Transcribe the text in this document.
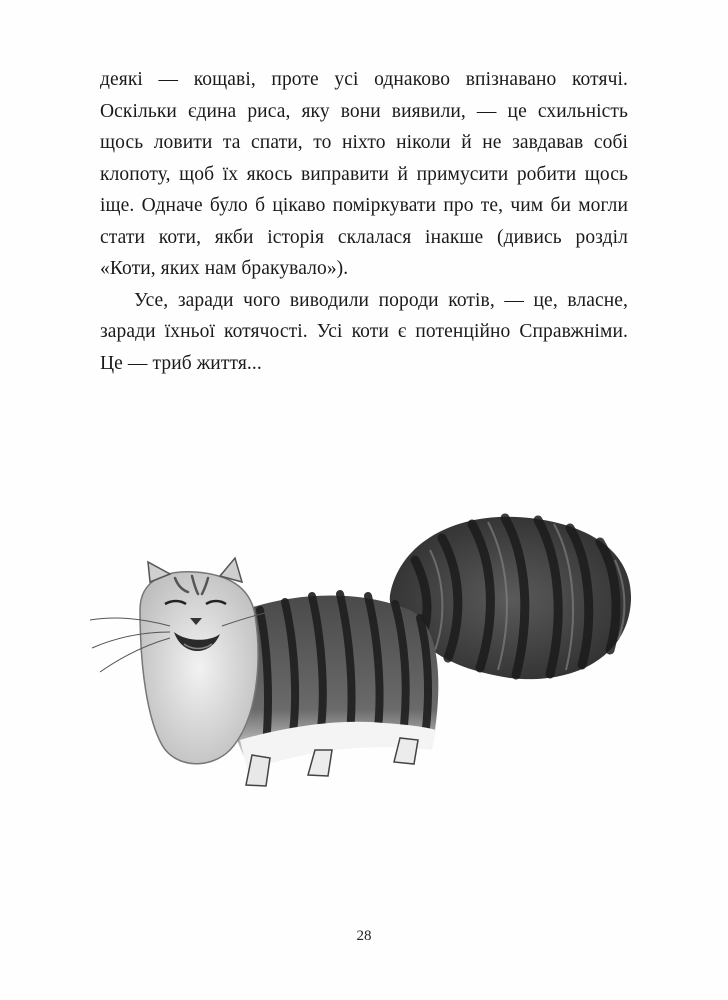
деякі — кощаві, проте усі однаково впізнавано котячі.
Оскільки єдина риса, яку вони виявили, — це схильність
щось ловити та спати, то ніхто ніколи й не завдавав собі
клопоту, щоб їх якось виправити й примусити робити щось
іще. Одначе було б цікаво поміркувати про те, чим би могли стати коти, якби історія склалася інакше (дивись розділ
«Коти, яких нам бракувало»).
Усе, заради чого виводили породи котів, — це, власне,
заради їхньої котячості. Усі коти є потенційно Справжніми.
Це — триб життя...
28
